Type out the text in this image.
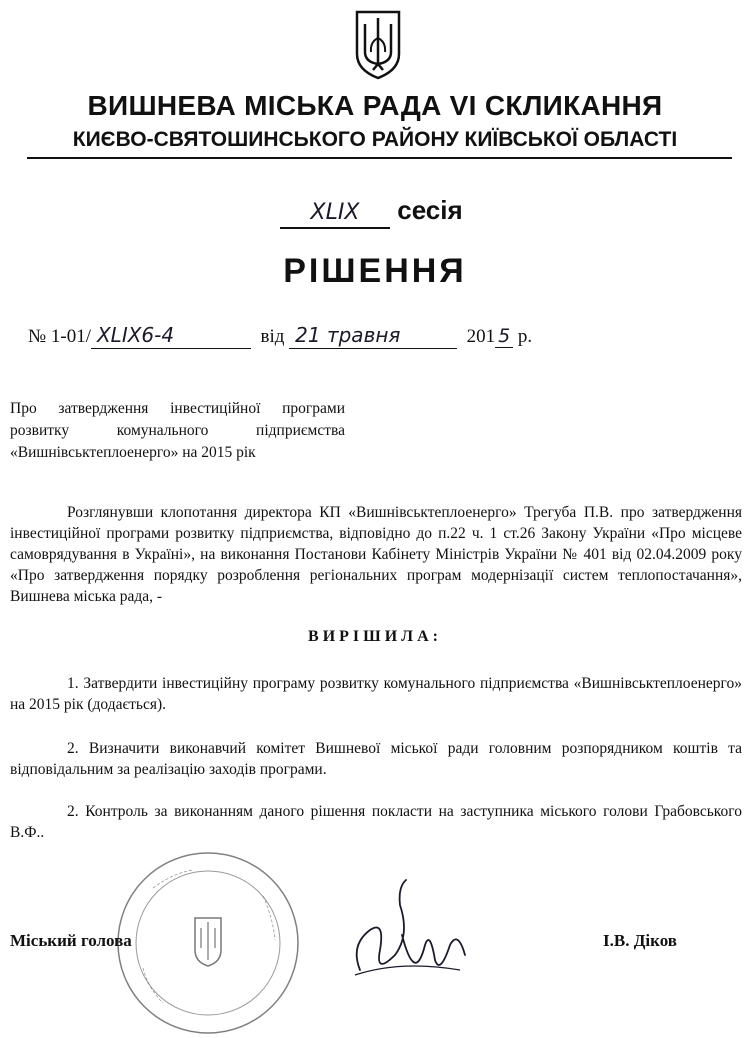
ВИШНЕВА МІСЬКА РАДА VI СКЛИКАННЯ
КИЄВО-СВЯТОШИНСЬКОГО РАЙОНУ КИЇВСЬКОЇ ОБЛАСТІ
XLIX сесія
РІШЕННЯ
№ 1-01/ XLIX6-4	від 21 травня	201 5 р.
Про затвердження інвестиційної програми
розвитку комунального підприємства
«Вишнівськтеплоенерго» на 2015 рік
Розглянувши клопотання директора КП «Вишнівськтеплоенерго» Трегуба П.В. про затвердження інвестиційної програми розвитку підприємства, відповідно до п.22 ч. 1 ст.26 Закону України «Про місцеве самоврядування в Україні», на виконання Постанови Кабінету Міністрів України № 401 від 02.04.2009 року «Про затвердження порядку розроблення регіональних програм модернізації систем теплопостачання», Вишнева міська рада, -
ВИРІШИЛА:
1. Затвердити інвестиційну програму розвитку комунального підприємства «Вишнівськтеплоенерго» на 2015 рік (додається).
2. Визначити виконавчий комітет Вишневої міської ради головним розпорядником коштів та відповідальним за реалізацію заходів програми.
2. Контроль за виконанням даного рішення покласти на заступника міського голови Грабовського В.Ф..
Міський голова	І.В. Діков
